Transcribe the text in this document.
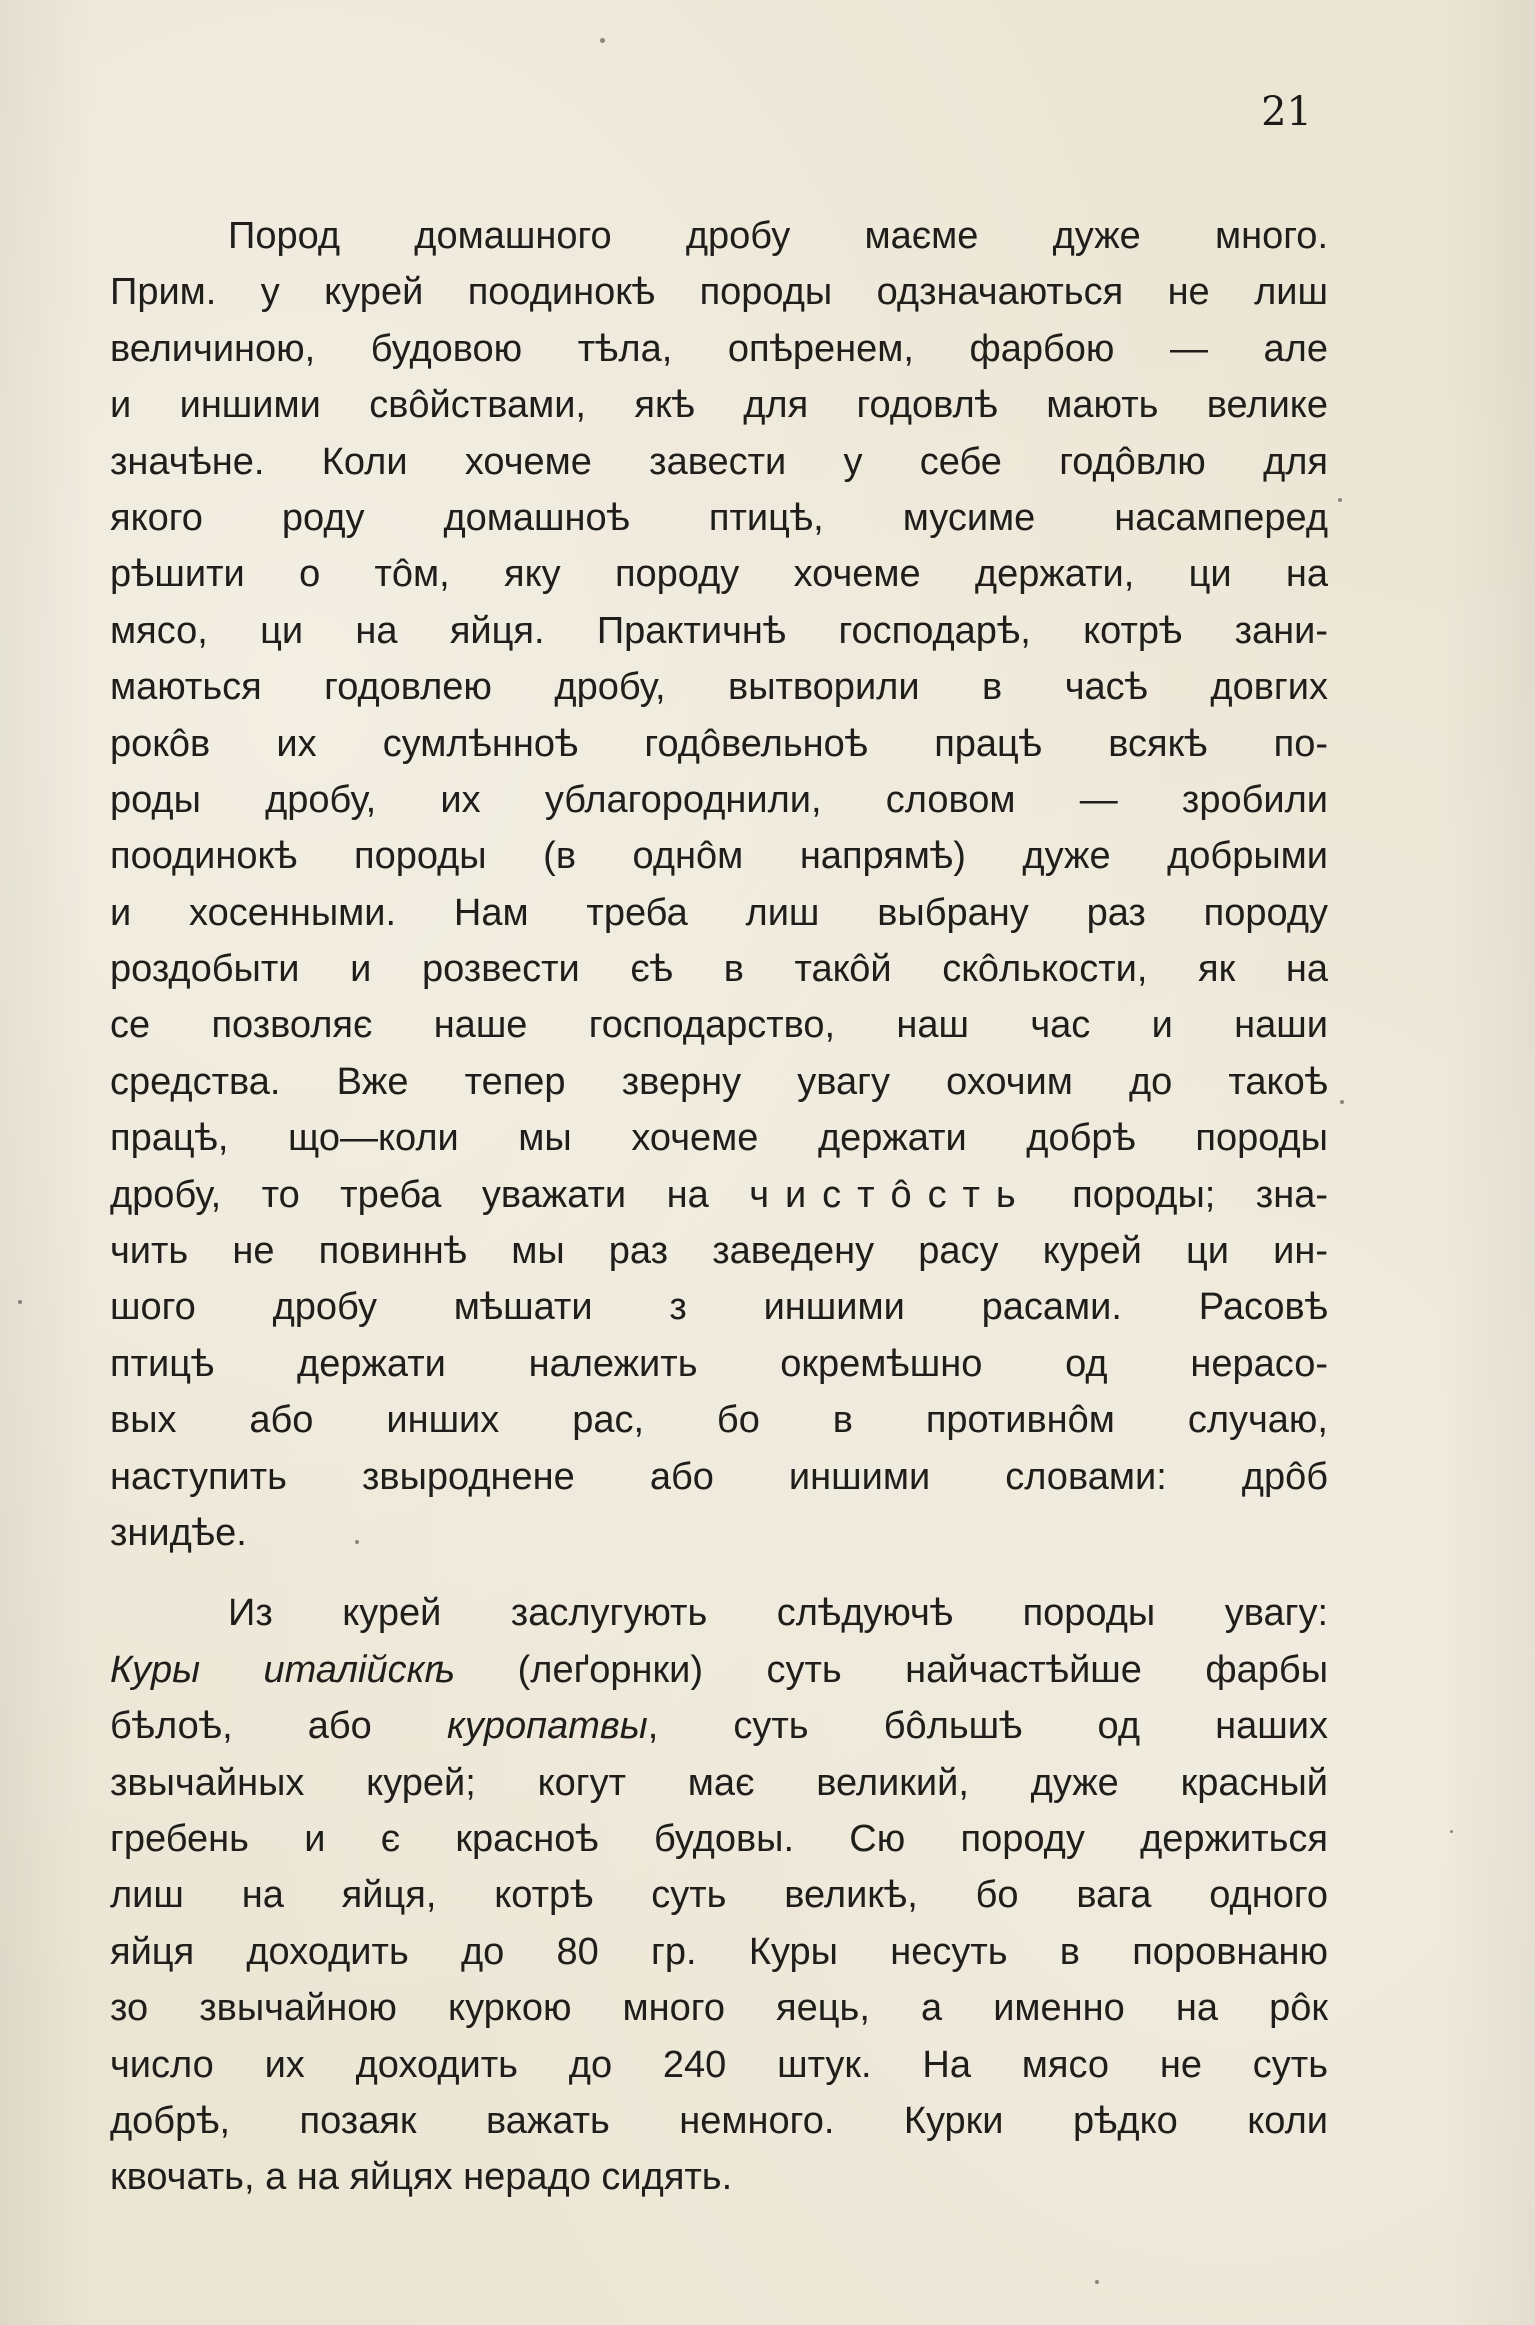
21
Пород домашного дробу маєме дуже много.
Прим. у курей поодинокѣ породы одзначаються не лиш
величиною, будовою тѣла, опѣренем, фарбою — але
и иншими свôйствами, якѣ для годовлѣ мають велике
значѣне. Коли хочеме завести у себе годôвлю для
якого роду домашноѣ птицѣ, мусиме насамперед
рѣшити о тôм, яку породу хочеме держати, ци на
мясо, ци на яйця. Практичнѣ господарѣ, котрѣ зани-
маються годовлею дробу, вытворили в часѣ довгих
рокôв их сумлѣнноѣ годôвельноѣ працѣ всякѣ по-
роды дробу, их ублагороднили, словом — зробили
поодинокѣ породы (в однôм напрямѣ) дуже добрыми
и хосенными. Нам треба лиш выбрану раз породу
роздобыти и розвести єѣ в такôй скôлькости, як на
се позволяє наше господарство, наш час и наши
средства. Вже тепер зверну увагу охочим до такоѣ
працѣ, що—коли мы хочеме держати добрѣ породы
дробу, то треба уважати на чистôсть породы; зна-
чить не повиннѣ мы раз заведену расу курей ци ин-
шого дробу мѣшати з иншими расами. Расовѣ
птицѣ держати належить окремѣшно од нерасо-
вых або инших рас, бо в противнôм случаю,
наступить звыроднене або иншими словами: дрôб
знидѣе.
Из курей заслугують слѣдуючѣ породы увагу:
Куры италійскѣ (леґорнки) суть найчастѣйше фарбы
бѣлоѣ, або куропатвы, суть бôльшѣ од наших
звычайных курей; когут має великий, дуже красный
гребень и є красноѣ будовы. Сю породу держиться
лиш на яйця, котрѣ суть великѣ, бо вага одного
яйця доходить до 80 гр. Куры несуть в поровнаню
зо звычайною куркою много яець, а именно на рôк
число их доходить до 240 штук. На мясо не суть
добрѣ, позаяк важать немного. Курки рѣдко коли
квочать, а на яйцях нерадо сидять.
